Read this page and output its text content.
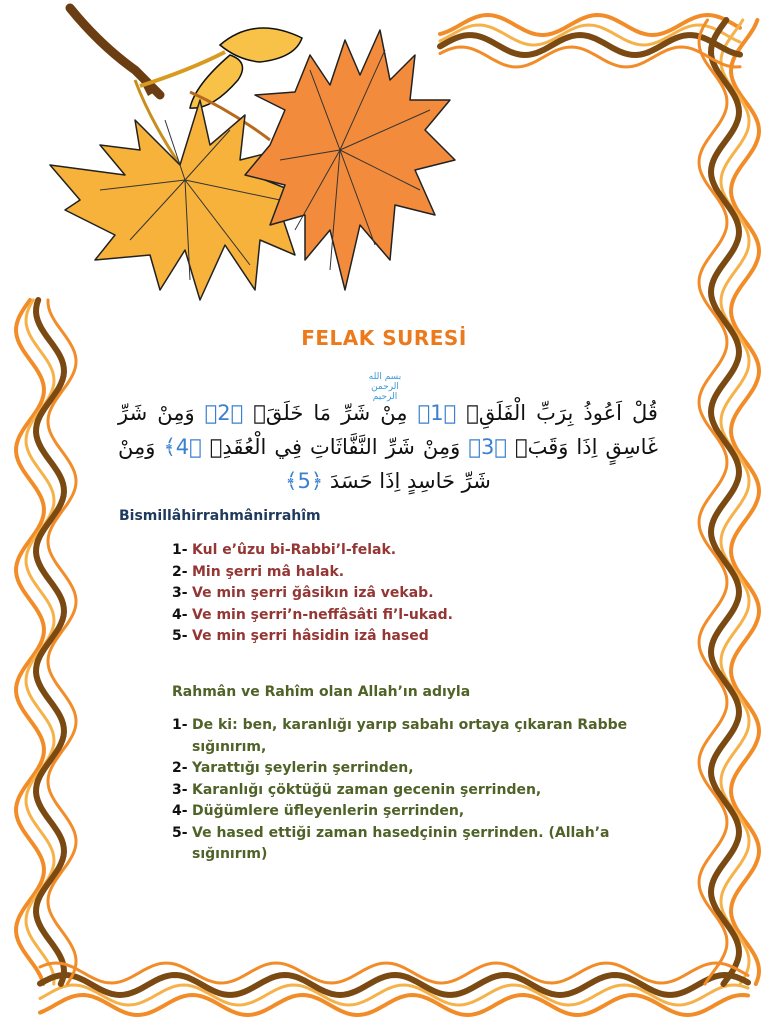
FELAK SURESİ
بسم الله الرحمن الرحيم
قُلْ اَعُوذُ بِرَبِّ الْفَلَقِۙ ﴿1﴾ مِنْ شَرِّ مَا خَلَقَۙ ﴿2﴾ وَمِنْ شَرِّ غَاسِقٍ اِذَا وَقَبَۙ ﴿3﴾ وَمِنْ شَرِّ النَّفَّاثَاتِ فِي الْعُقَدِۙ ﴿4﴾ وَمِنْ شَرِّ حَاسِدٍ اِذَا حَسَدَ ﴿5﴾
Bismillâhirrahmânirrahîm
1- Kul e’ûzu bi-Rabbi’l-felak.
2- Min şerri mâ halak.
3- Ve min şerri ğâsikın izâ vekab.
4- Ve min şerri’n-neffâsâti fi’l-ukad.
5- Ve min şerri hâsidin izâ hased
Rahmân ve Rahîm olan Allah’ın adıyla
1- De ki: ben, karanlığı yarıp sabahı ortaya çıkaran Rabbe sığınırım,
2- Yarattığı şeylerin şerrinden,
3- Karanlığı çöktüğü zaman gecenin şerrinden,
4- Düğümlere üfleyenlerin şerrinden,
5- Ve hased ettiği zaman hasedçinin şerrinden. (Allah’a sığınırım)
